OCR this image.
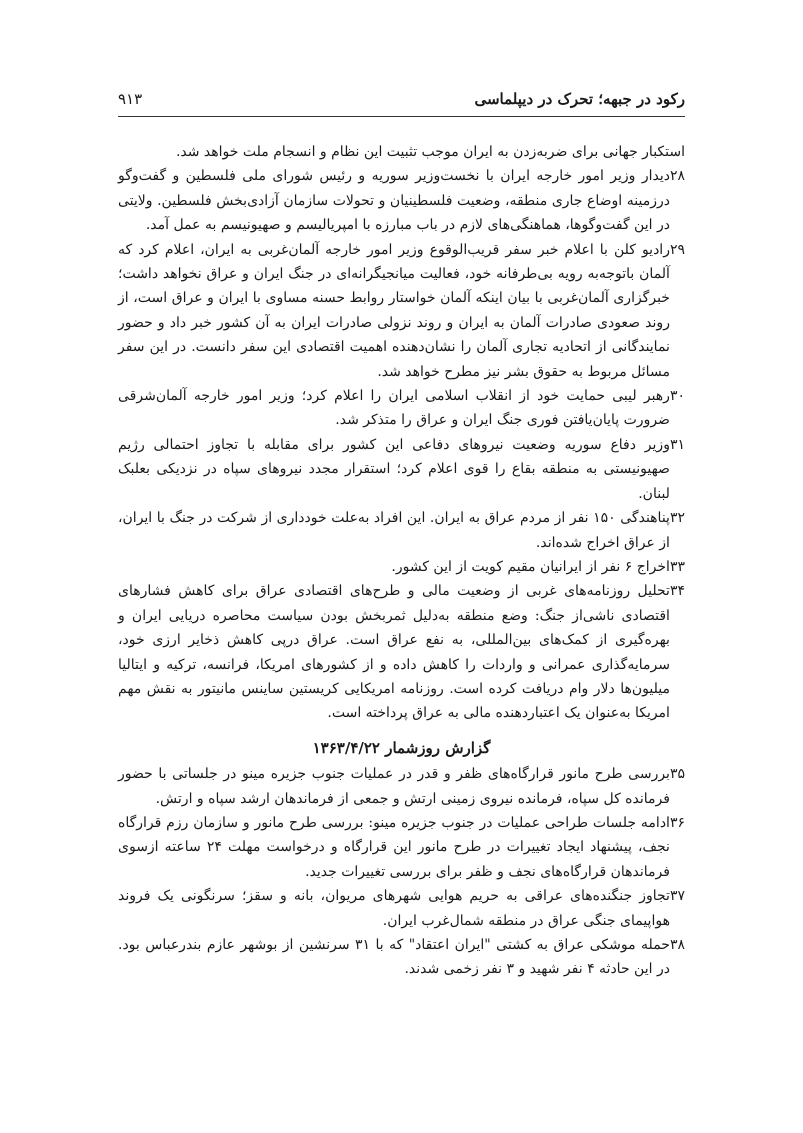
رکود در جبهه؛ تحرک در دیپلماسی
۹۱۳

استکبار جهانی برای ضربه‌زدن به ایران موجب تثبیت این نظام و انسجام ملت خواهد شد.

۲۸
دیدار وزیر امور خارجه ایران با نخست‌وزیر سوریه و رئیس شورای ملی فلسطین و گفت‌وگو درزمینه اوضاع جاری منطقه، وضعیت فلسطینیان و تحولات سازمان آزادی‌بخش فلسطین. ولایتی در این گفت‌وگوها، هماهنگی‌های لازم در باب مبارزه با امپریالیسم و صهیونیسم به عمل آمد.
۲۹
رادیو کلن با اعلام خبر سفر قریب‌الوقوع وزیر امور خارجه آلمان‌غربی به ایران، اعلام کرد که آلمان باتوجه‌به رویه بی‌طرفانه خود، فعالیت میانجیگرانه‌ای در جنگ ایران و عراق نخواهد داشت؛ خبرگزاری آلمان‌غربی با بیان اینکه آلمان خواستار روابط حسنه مساوی با ایران و عراق است، از روند صعودی صادرات آلمان به ایران و روند نزولی صادرات ایران به آن کشور خبر داد و حضور نمایندگانی از اتحادیه تجاری آلمان را نشان‌دهنده اهمیت اقتصادی این سفر دانست. در این سفر مسائل مربوط به حقوق بشر نیز مطرح خواهد شد.
۳۰
رهبر لیبی حمایت خود از انقلاب اسلامی ایران را اعلام کرد؛ وزیر امور خارجه آلمان‌شرقی ضرورت پایان‌یافتن فوری جنگ ایران و عراق را متذکر شد.
۳۱
وزیر دفاع سوریه وضعیت نیروهای دفاعی این کشور برای مقابله با تجاوز احتمالی رژیم صهیونیستی به منطقه بقاع را قوی اعلام کرد؛ استقرار مجدد نیروهای سپاه در نزدیکی بعلبک لبنان.
۳۲
پناهندگی ۱۵۰ نفر از مردم عراق به ایران. این افراد به‌علت خودداری از شرکت در جنگ با ایران، از عراق اخراج شده‌اند.
۳۳
اخراج ۶ نفر از ایرانیان مقیم کویت از این کشور.
۳۴
تحلیل روزنامه‌های غربی از وضعیت مالی و طرح‌های اقتصادی عراق برای کاهش فشارهای اقتصادی ناشی‌از جنگ: وضع منطقه به‌دلیل ثمربخش بودن سیاست محاصره دریایی ایران و بهره‌گیری از کمک‌های بین‌المللی، به نفع عراق است. عراق درپی کاهش ذخایر ارزی خود، سرمایه‌گذاری عمرانی و واردات را کاهش داده و از کشورهای امریکا، فرانسه، ترکیه و ایتالیا میلیون‌ها دلار وام دریافت کرده است. روزنامه امریکایی کریستین ساینس مانیتور به نقش مهم امریکا به‌عنوان یک اعتباردهنده مالی به عراق پرداخته است.
گزارش روزشمار ۱۳۶۳/۴/۲۲
۳۵
بررسی طرح مانور قرارگاه‌های ظفر و قدر در عملیات جنوب جزیره مینو در جلساتی با حضور فرمانده کل سپاه، فرمانده نیروی زمینی ارتش و جمعی از فرماندهان ارشد سپاه و ارتش.
۳۶
ادامه جلسات طراحی عملیات در جنوب جزیره مینو: بررسی طرح مانور و سازمان رزم قرارگاه نجف، پیشنهاد ایجاد تغییرات در طرح مانور این قرارگاه و درخواست مهلت ۲۴ ساعته ازسوی فرماندهان قرارگاه‌های نجف و ظفر برای بررسی تغییرات جدید.
۳۷
تجاوز جنگنده‌های عراقی به حریم هوایی شهرهای مریوان، بانه و سقز؛ سرنگونی یک فروند هواپیمای جنگی عراق در منطقه شمال‌غرب ایران.
۳۸
حمله موشکی عراق به کشتی "ایران اعتقاد" که با ۳۱ سرنشین از بوشهر عازم بندرعباس بود. در این حادثه ۴ نفر شهید و ۳ نفر زخمی شدند.
